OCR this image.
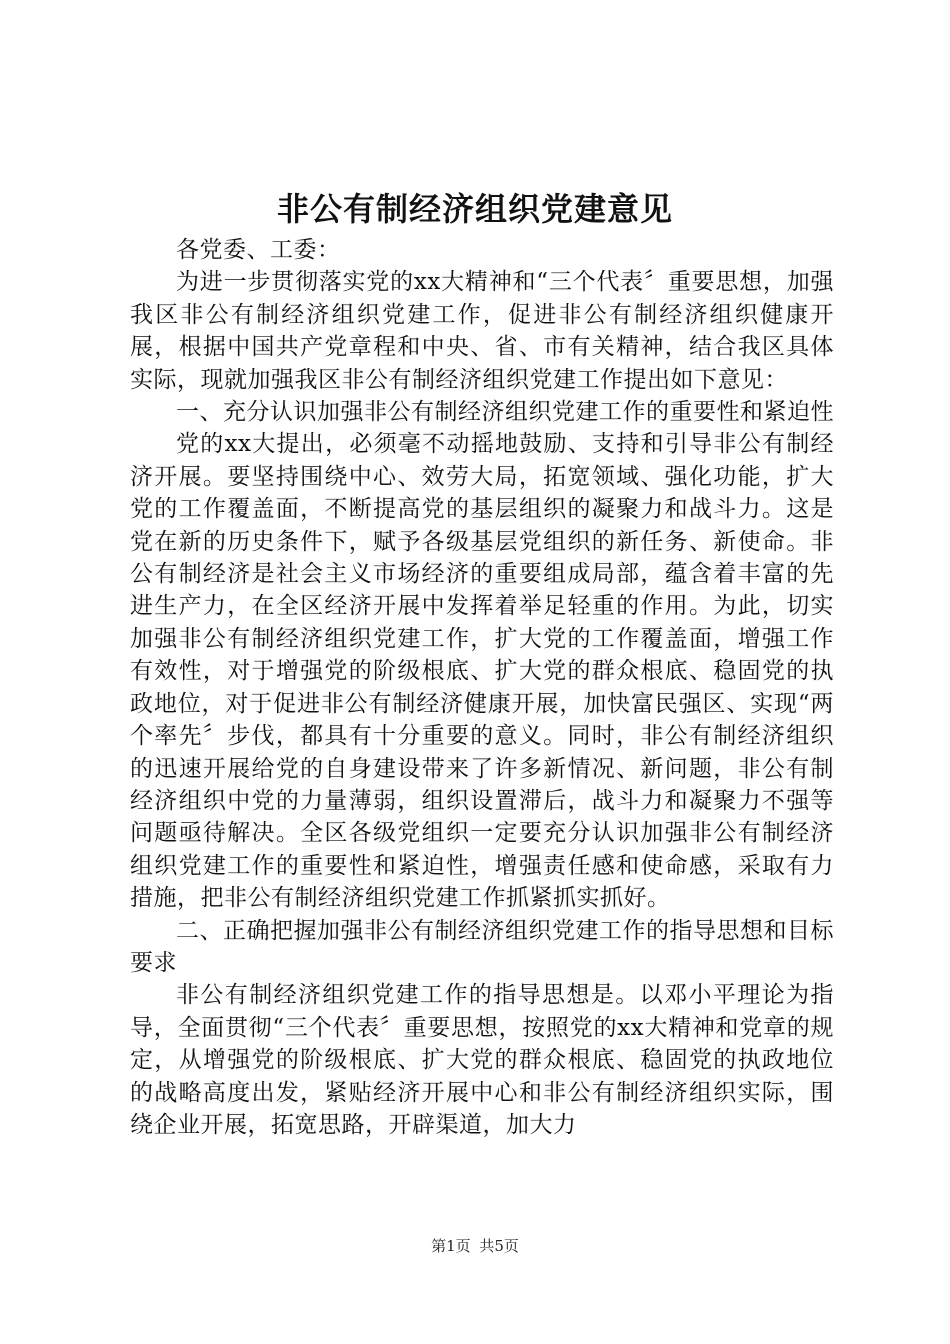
非公有制经济组织党建意见

各党委、工委：

为进一步贯彻落实党的xx大精神和“三个代表〞重要思想，加强我区非公有制经济组织党建工作，促进非公有制经济组织健康开展，根据中国共产党章程和中央、省、市有关精神，结合我区具体实际，现就加强我区非公有制经济组织党建工作提出如下意见：

一、充分认识加强非公有制经济组织党建工作的重要性和紧迫性

党的xx大提出，必须毫不动摇地鼓励、支持和引导非公有制经济开展。要坚持围绕中心、效劳大局，拓宽领域、强化功能，扩大党的工作覆盖面，不断提高党的基层组织的凝聚力和战斗力。这是党在新的历史条件下，赋予各级基层党组织的新任务、新使命。非公有制经济是社会主义市场经济的重要组成局部，蕴含着丰富的先进生产力，在全区经济开展中发挥着举足轻重的作用。为此，切实加强非公有制经济组织党建工作，扩大党的工作覆盖面，增强工作有效性，对于增强党的阶级根底、扩大党的群众根底、稳固党的执政地位，对于促进非公有制经济健康开展，加快富民强区、实现“两个率先〞步伐，都具有十分重要的意义。同时，非公有制经济组织的迅速开展给党的自身建设带来了许多新情况、新问题，非公有制经济组织中党的力量薄弱，组织设置滞后，战斗力和凝聚力不强等问题亟待解决。全区各级党组织一定要充分认识加强非公有制经济组织党建工作的重要性和紧迫性，增强责任感和使命感，采取有力措施，把非公有制经济组织党建工作抓紧抓实抓好。

二、正确把握加强非公有制经济组织党建工作的指导思想和目标要求

非公有制经济组织党建工作的指导思想是。以邓小平理论为指导，全面贯彻“三个代表〞重要思想，按照党的xx大精神和党章的规定，从增强党的阶级根底、扩大党的群众根底、稳固党的执政地位的战略高度出发，紧贴经济开展中心和非公有制经济组织实际，围绕企业开展，拓宽思路，开辟渠道，加大力

第1页 共5页
